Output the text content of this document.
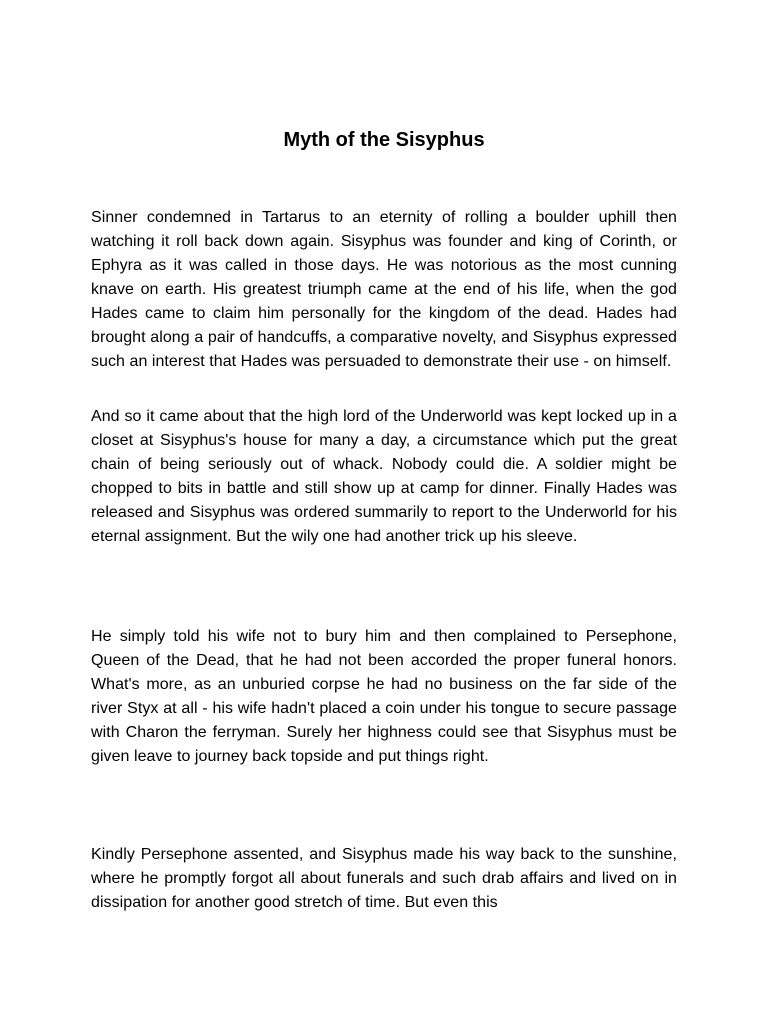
Myth of the Sisyphus

Sinner condemned in Tartarus to an eternity of rolling a boulder uphill then watching it roll back down again. Sisyphus was founder and king of Corinth, or Ephyra as it was called in those days. He was notorious as the most cunning knave on earth. His greatest triumph came at the end of his life, when the god Hades came to claim him personally for the kingdom of the dead. Hades had brought along a pair of handcuffs, a comparative novelty, and Sisyphus expressed such an interest that Hades was persuaded to demonstrate their use - on himself.

And so it came about that the high lord of the Underworld was kept locked up in a closet at Sisyphus's house for many a day, a circumstance which put the great chain of being seriously out of whack. Nobody could die. A soldier might be chopped to bits in battle and still show up at camp for dinner. Finally Hades was released and Sisyphus was ordered summarily to report to the Underworld for his eternal assignment. But the wily one had another trick up his sleeve.

He simply told his wife not to bury him and then complained to Persephone, Queen of the Dead, that he had not been accorded the proper funeral honors. What's more, as an unburied corpse he had no business on the far side of the river Styx at all - his wife hadn't placed a coin under his tongue to secure passage with Charon the ferryman. Surely her highness could see that Sisyphus must be given leave to journey back topside and put things right.

Kindly Persephone assented, and Sisyphus made his way back to the sunshine, where he promptly forgot all about funerals and such drab affairs and lived on in dissipation for another good stretch of time. But even this
